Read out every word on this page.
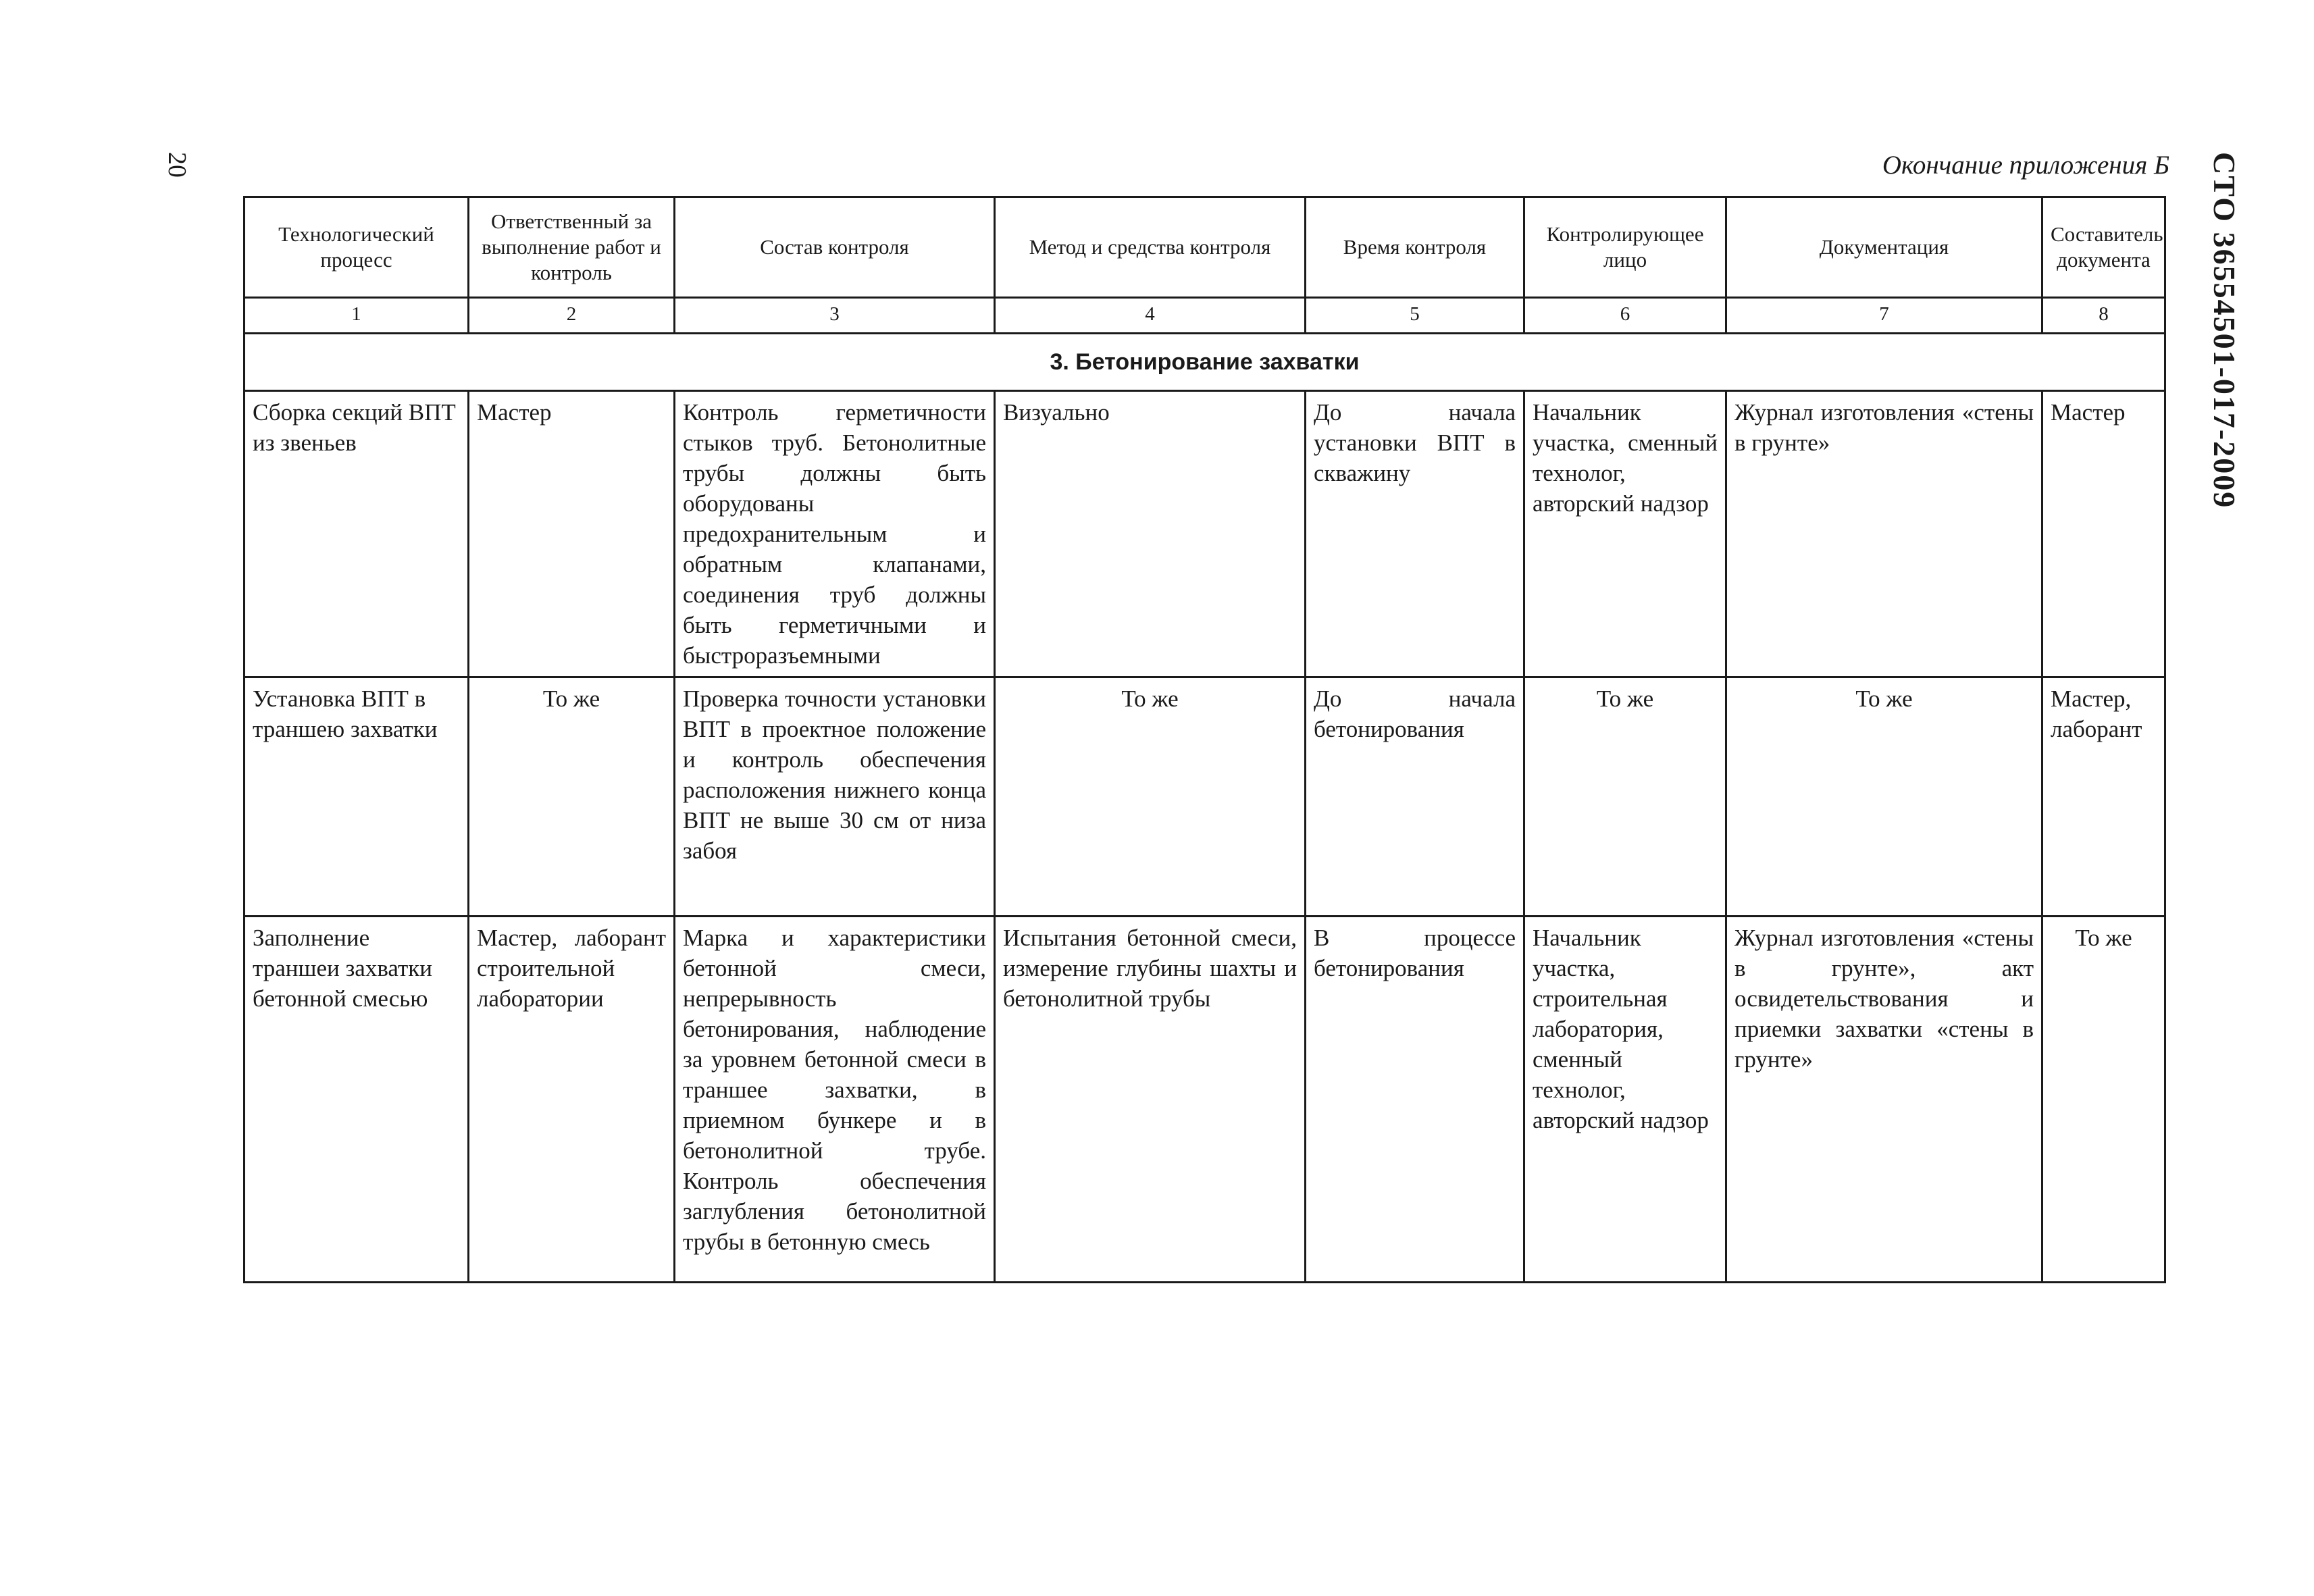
20	СТО 36554501-017-2009
Окончание приложения Б
Технологический процесс	Ответственный за выполнение работ и контроль	Состав контроля	Метод и средства контроля	Время контроля	Контролирующее лицо	Документация	Составитель документа
1	2	3	4	5	6	7	8
3. Бетонирование захватки							
Сборка секций ВПТ из звеньев	Мастер	Контроль герметичности стыков труб. Бетонолитные трубы должны быть оборудованы предохранительным и обратным клапанами, соединения труб должны быть герметичными и быстроразъемными	Визуально	До начала установки ВПТ в скважину	Начальник участка, сменный технолог, авторский надзор	Журнал изготовления «стены в грунте»	Мастер
Установка ВПТ в траншею захватки	То же	Проверка точности установки ВПТ в проектное положение и контроль обеспечения расположения нижнего конца ВПТ не выше 30 см от низа забоя	То же	До начала бетонирования	То же	То же	Мастер, лаборант
Заполнение траншеи захватки бетонной смесью	Мастер, лаборант строительной лаборатории	Марка и характеристики бетонной смеси, непрерывность бетонирования, наблюдение за уровнем бетонной смеси в траншее захватки, в приемном бункере и в бетонолитной трубе. Контроль обеспечения заглубления бетонолитной трубы в бетонную смесь	Испытания бетонной смеси, измерение глубины шахты и бетонолитной трубы	В процессе бетонирования	Начальник участка, строительная лаборатория, сменный технолог, авторский надзор	Журнал изготовления «стены в грунте», акт освидетельствования и приемки захватки «стены в грунте»	То же
